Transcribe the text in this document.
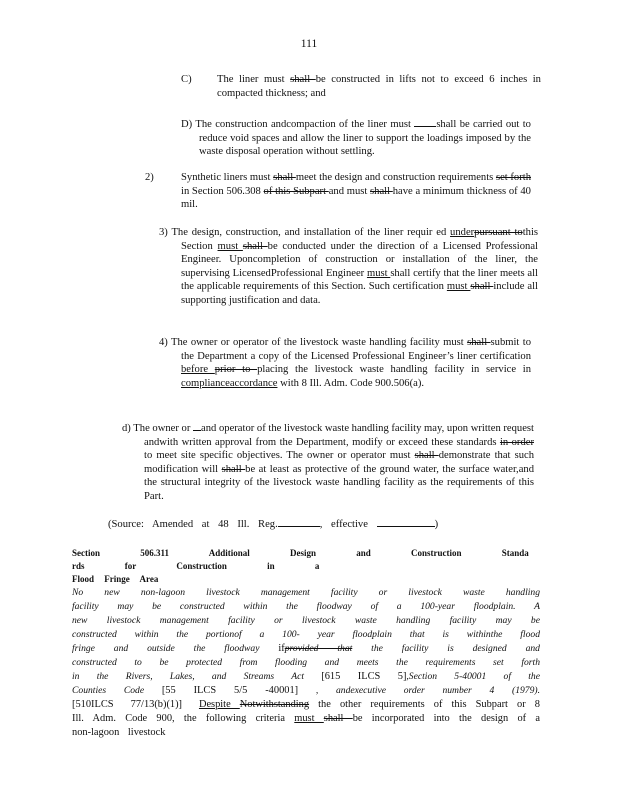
111
C) The liner must shall be constructed in lifts not to exceed 6 inches in compacted thickness; and
D) The construction andcompaction of the liner must shall be carried out to reduce void spaces and allow the liner to support the loadings imposed by the waste disposal operation without settling.
2)	Synthetic liners must shall meet the design and construction requirements set forth in Section 506.308 of this Subpart and must shall have a minimum thickness of 40 mil.
3) The design, construction, and installation of the liner requir ed underpursuant tothis Section must shall be conducted under the direction of a Licensed Professional Engineer. Uponcompletion of construction or installation of the liner, the supervising LicensedProfessional Engineer must shall certify that the liner meets all the applicable requirements of this Section. Such certification must shall include all supporting justification and data.
4) The owner or operator of the livestock waste handling facility must shall submit to the Department a copy of the Licensed Professional Engineer’s liner certification before prior to placing the livestock waste handling facility in service in complianceaccordance with 8 Ill. Adm. Code 900.506(a).
d) The owner or and operator of the livestock waste handling facility may, upon written request andwith written approval from the Department, modify or exceed these standards in order to meet site specific objectives. The owner or operator must shall demonstrate that such modification will shall be at least as protective of the ground water, the surface water,and the structural integrity of the livestock waste handling facility as the requirements of this Part.
(Source: Amended at 48 Ill. Reg.	, effective	)
Section 506.311 Additional Design and Construction Standa rds for Construction in a
Flood Fringe Area
No new non-lagoon livestock management facility or livestock waste handling facility may be constructed within the floodway of a 100-year floodplain. A new livestock management facility or livestock waste handling facility may be constructed within the portionof a 100- year floodplain that is withinthe flood fringe and outside the floodway ifprovided that the facility is designed and constructed to be protected from flooding and meets the requirements set forth in the Rivers, Lakes, and Streams Act [615 ILCS 5],Section 5-40001 of the Counties Code [55 ILCS 5/5 -40001] , andexecutive order number 4 (1979). [510ILCS 77/13(b)(1)] Despite Notwithstanding the other requirements of this Subpart or 8 Ill. Adm. Code 900, the following criteria must shall be incorporated into the design of a non-lagoon livestock
